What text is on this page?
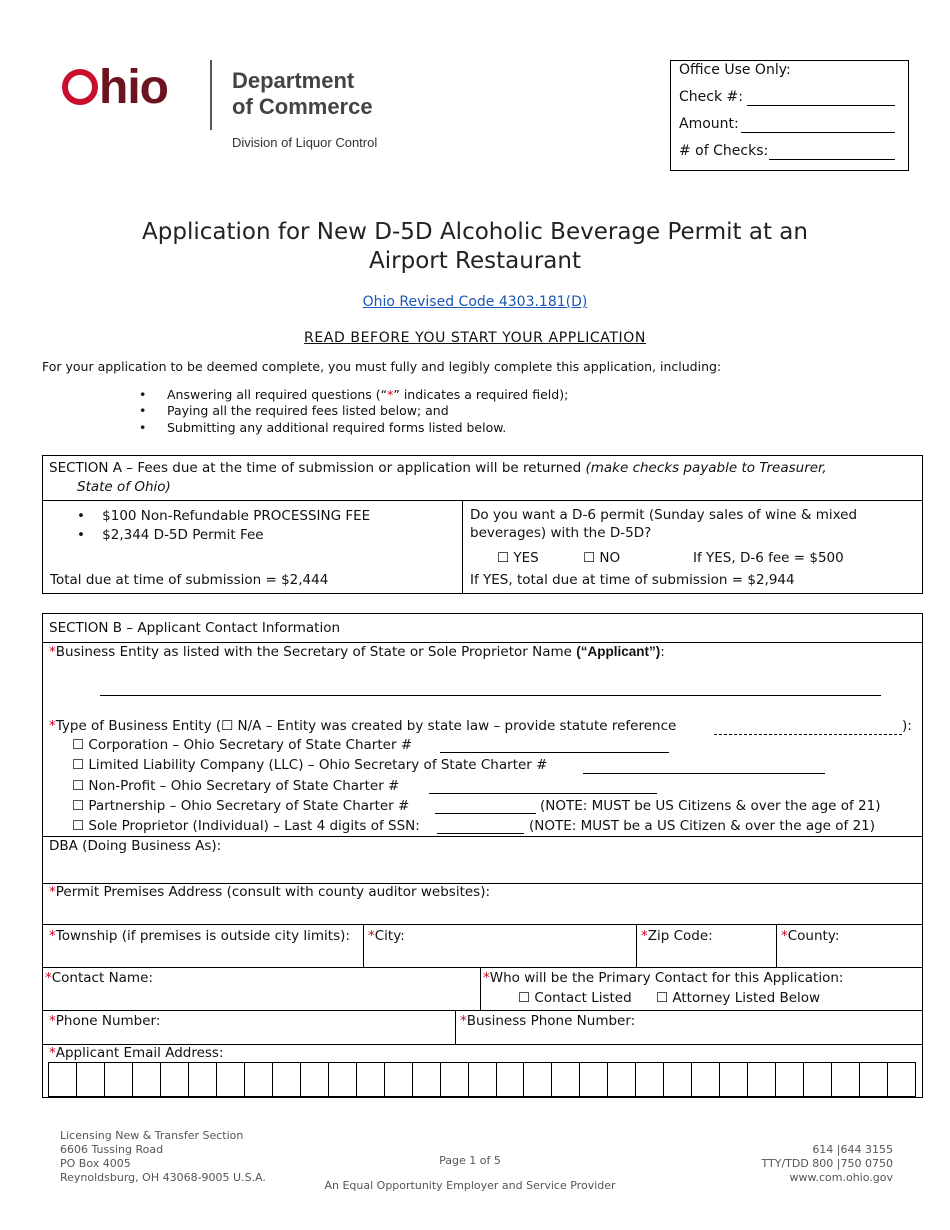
hio	Department
of Commerce
Division of Liquor Control
Office Use Only:
Check #:
Amount:
# of Checks:
Application for New D-5D Alcoholic Beverage Permit at an
Airport Restaurant
Ohio Revised Code 4303.181(D)
READ BEFORE YOU START YOUR APPLICATION
For your application to be deemed complete, you must fully and legibly complete this application, including:
Answering all required questions (“*” indicates a required field);
Paying all the required fees listed below; and
Submitting any additional required forms listed below.
SECTION A – Fees due at the time of submission or application will be returned (make checks payable to Treasurer,
State of Ohio)
•    $100 Non-Refundable PROCESSING FEE
•    $2,344 D-5D Permit Fee
Total due at time of submission = $2,444
Do you want a D-6 permit (Sunday sales of wine & mixed
beverages) with the D-5D?
☐ YES	☐ NO	If YES, D-6 fee = $500
If YES, total due at time of submission = $2,944
SECTION B – Applicant Contact Information
*Business Entity as listed with the Secretary of State or Sole Proprietor Name (“Applicant”):
*Type of Business Entity (☐ N/A – Entity was created by state law – provide statute reference	):
☐ Corporation – Ohio Secretary of State Charter #
☐ Limited Liability Company (LLC) – Ohio Secretary of State Charter #
☐ Non-Profit – Ohio Secretary of State Charter #
☐ Partnership – Ohio Secretary of State Charter #	(NOTE: MUST be US Citizens & over the age of 21)
☐ Sole Proprietor (Individual) – Last 4 digits of SSN:	(NOTE: MUST be a US Citizen & over the age of 21)
DBA (Doing Business As):
*Permit Premises Address (consult with county auditor websites):
*Township (if premises is outside city limits): *City:	*Zip Code:	*County:
*Contact Name:	*Who will be the Primary Contact for this Application:
☐ Contact Listed ☐ Attorney Listed Below
*Phone Number:	*Business Phone Number:
*Applicant Email Address:
Licensing New & Transfer Section
6606 Tussing Road
PO Box 4005
Reynoldsburg, OH 43068-9005 U.S.A.
Page 1 of 5
An Equal Opportunity Employer and Service Provider
614 |644 3155
TTY/TDD 800 |750 0750
www.com.ohio.gov
